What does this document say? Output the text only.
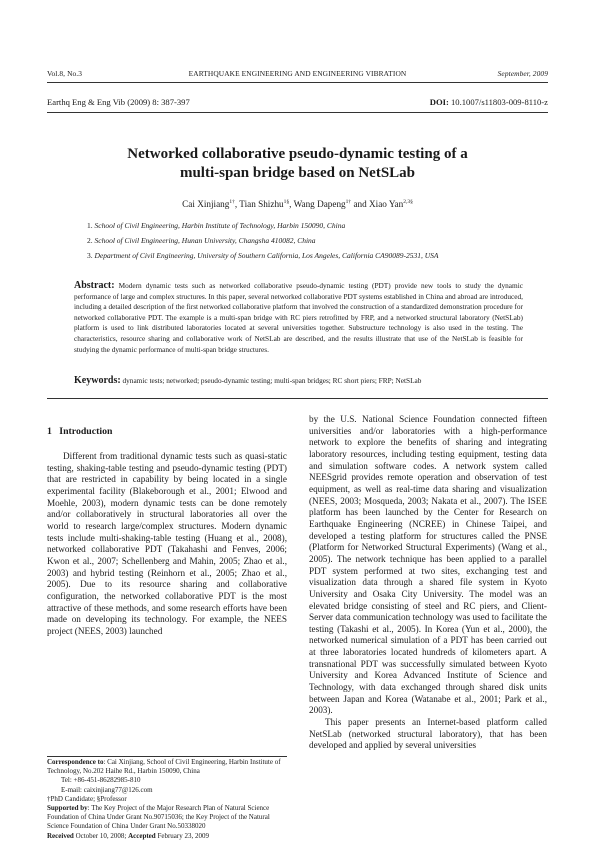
Vol.8, No.3	EARTHQUAKE ENGINEERING AND ENGINEERING VIBRATION	September, 2009
Earthq Eng & Eng Vib (2009) 8: 387-397	DOI: 10.1007/s11803-009-8110-z
Networked collaborative pseudo-dynamic testing of a
multi-span bridge based on NetSLab
Cai Xinjiang$^{1\dagger}$, Tian Shizhu$^{1\S}$, Wang Dapeng$^{1\dagger}$ and Xiao Yan$^{2,3\S}$
1. School of Civil Engineering, Harbin Institute of Technology, Harbin 150090, China
2. School of Civil Engineering, Hunan University, Changsha 410082, China
3. Department of Civil Engineering, University of Southern California, Los Angeles, California CA90089-2531, USA
Abstract: Modern dynamic tests such as networked collaborative pseudo-dynamic testing (PDT) provide new tools to study the dynamic performance of large and complex structures. In this paper, several networked collaborative PDT systems established in China and abroad are introduced, including a detailed description of the first networked collaborative platform that involved the construction of a standardized demonstration procedure for networked collaborative PDT. The example is a multi-span bridge with RC piers retrofitted by FRP, and a networked structural laboratory (NetSLab) platform is used to link distributed laboratories located at several universities together. Substructure technology is also used in the testing. The characteristics, resource sharing and collaborative work of NetSLab are described, and the results illustrate that use of the NetSLab is feasible for studying the dynamic performance of multi-span bridge structures.
Keywords: dynamic tests; networked; pseudo-dynamic testing; multi-span bridges; RC short piers; FRP; NetSLab
1 Introduction

Different from traditional dynamic tests such as quasi-static testing, shaking-table testing and pseudo-dynamic testing (PDT) that are restricted in capability by being located in a single experimental facility (Blakeborough et al., 2001; Elwood and Moehle, 2003), modern dynamic tests can be done remotely and/or collaboratively in structural laboratories all over the world to research large/complex structures. Modern dynamic tests include multi-shaking-table testing (Huang et al., 2008), networked collaborative PDT (Takahashi and Fenves, 2006; Kwon et al., 2007; Schellenberg and Mahin, 2005; Zhao et al., 2003) and hybrid testing (Reinhorn et al., 2005; Zhao et al., 2005). Due to its resource sharing and collaborative configuration, the networked collaborative PDT is the most attractive of these methods, and some research efforts have been made on developing its technology. For example, the NEES project (NEES, 2003) launched

by the U.S. National Science Foundation connected fifteen universities and/or laboratories with a high-performance network to explore the benefits of sharing and integrating laboratory resources, including testing equipment, testing data and simulation software codes. A network system called NEESgrid provides remote operation and observation of test equipment, as well as real-time data sharing and visualization (NEES, 2003; Mosqueda, 2003; Nakata et al., 2007). The ISEE platform has been launched by the Center for Research on Earthquake Engineering (NCREE) in Chinese Taipei, and developed a testing platform for structures called the PNSE (Platform for Networked Structural Experiments) (Wang et al., 2005). The network technique has been applied to a parallel PDT system performed at two sites, exchanging test and visualization data through a shared file system in Kyoto University and Osaka City University. The model was an elevated bridge consisting of steel and RC piers, and Client-Server data communication technology was used to facilitate the testing (Takashi et al., 2005). In Korea (Yun et al., 2000), the networked numerical simulation of a PDT has been carried out at three laboratories located hundreds of kilometers apart. A transnational PDT was successfully simulated between Kyoto University and Korea Advanced Institute of Science and Technology, with data exchanged through shared disk units between Japan and Korea (Watanabe et al., 2001; Park et al., 2003).

This paper presents an Internet-based platform called NetSLab (networked structural laboratory), that has been developed and applied by several universities

Correspondence to: Cai Xinjiang, School of Civil Engineering, Harbin Institute of Technology, No.202 Haihe Rd., Harbin 150090, China
Tel: +86-451-86282985-810
E-mail: caixinjiang77@126.com
†PhD Candidate; §Professor
Supported by: The Key Project of the Major Research Plan of Natural Science Foundation of China Under Grant No.90715036; the Key Project of the Natural Science Foundation of China Under Grant No.50338020
Received October 10, 2008; Accepted February 23, 2009
